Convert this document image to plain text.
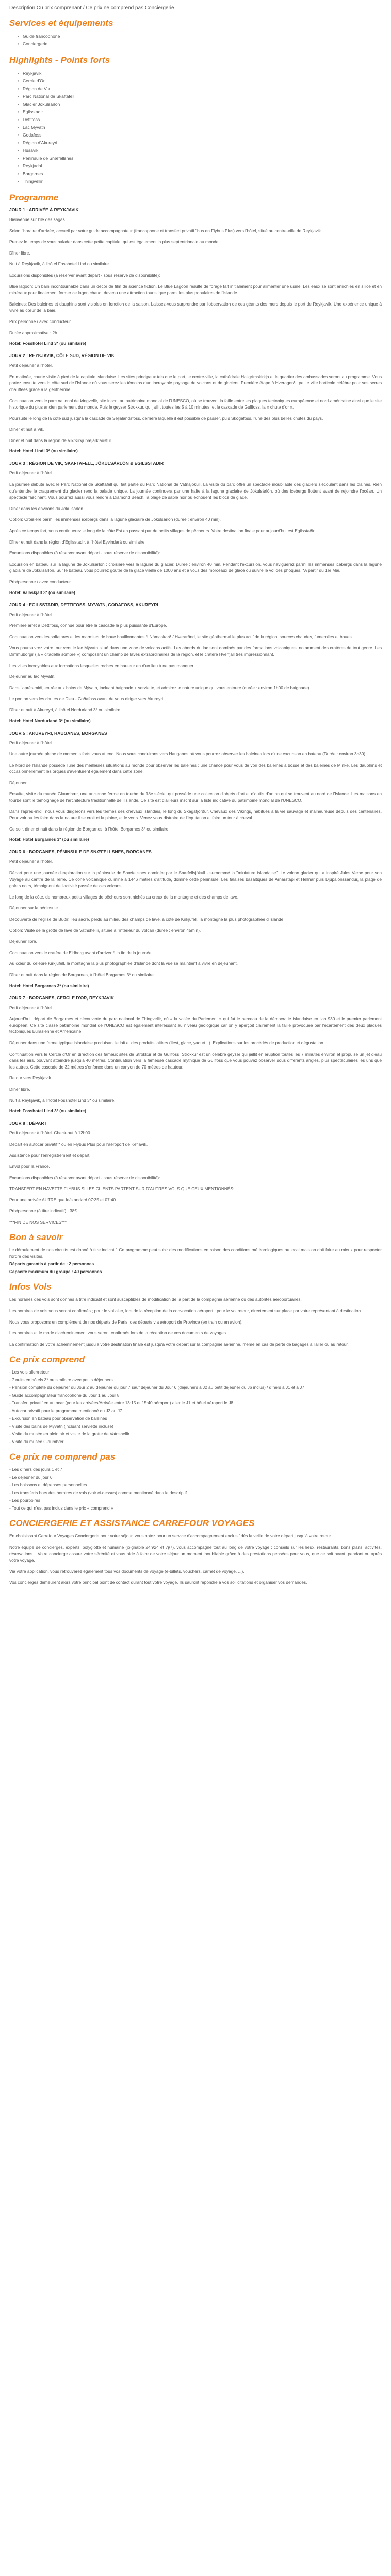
Description Cu prix comprenant / Ce prix ne comprend pas Conciergerie
Services et équipements
• Guide francophone
• Conciergerie
Highlights - Points forts
• Reykjavik
• Cercle d'Or
• Région de Vik
• Parc National de Skaftafell
• Glacier Jökulsárlón
• Egilsstadir
• Dettifoss
• Lac Myvatn
• Godafoss
• Région d'Akureyri
• Husavik
• Péninsule de Snæfellsnes
• Reykjadal
• Borgarnes
• Thingvellir
Programme
JOUR 1 : ARRIVÉE À REYKJAVIK

Bienvenue sur l'île des sagas.

Selon l'horaire d'arrivée, accueil par votre guide accompagnateur (francophone et transfert privatif "bus en Flybus Plus) vers l'hôtel, situé au centre-ville de Reykjavik.

Prenez le temps de vous balader dans cette petite capitale, qui est également la plus septentrionale au monde.

Dîner libre.

Nuit à Reykjavik, à l'hôtel Fosshotel Lind ou similaire.

Excursions disponibles (à réserver avant départ - sous réserve de disponibilité):

Blue lagoon: Un bain incontournable dans un décor de film de science fiction. Le Blue Lagoon résulte de forage fait initialement pour alimenter une usine. Les eaux se sont enrichies en silice et en minéraux pour finalement former ce lagon chaud, devenu une attraction touristique parmi les plus populaires de l'Islande.

Baleines: Des baleines et dauphins sont visibles en fonction de la saison. Laissez-vous surprendre par l'observation de ces géants des mers depuis le port de Reykjavik. Une expérience unique à vivre au cœur de la baie.

Prix personne / avec conducteur

Durée approximative : 2h

Hotel: Fosshotel Lind 3* (ou similaire)
JOUR 2 : REYKJAVIK, CÔTE SUD, RÉGION DE VIK

Petit déjeuner à l'hôtel.

En matinée, courte visite à pied de la capitale islandaise. Les sites principaux tels que le port, le centre-ville, la cathédrale Hallgrímskirkja et le quartier des ambassades seront au programme. Vous partez ensuite vers la côte sud de l'Islande où vous serez les témoins d'un incroyable paysage de volcans et de glaciers. Première étape à Hveragerði, petite ville horticole célèbre pour ses serres chauffées grâce à la géothermie.

Continuation vers le parc national de Þingvellir, site inscrit au patrimoine mondial de l'UNESCO, où se trouvent la faille entre les plaques tectoniques européenne et nord-américaine ainsi que le site historique du plus ancien parlement du monde. Puis le geyser Strokkur, qui jaillit toutes les 5 à 10 minutes, et la cascade de Gullfoss, la « chute d'or ».

Poursuite le long de la côte sud jusqu'à la cascade de Seljalandsfoss, derrière laquelle il est possible de passer, puis Skógafoss, l'une des plus belles chutes du pays.

Dîner et nuit à Vik.

Diner et nuit dans la région de Vik/Kirkjubæjarklaustur.

Hotel: Hotel Lindi 3* (ou similaire)
JOUR 3 : RÉGION DE VIK, SKAFTAFELL, JÖKULSÁRLÓN & EGILSSTADIR

Petit déjeuner à l'hôtel.

La journée débute avec le Parc National de Skaftafell qui fait partie du Parc National de Vatnajökull. La visite du parc offre un spectacle inoubliable des glaciers s'écoulant dans les plaines. Rien qu'entendre le craquement du glacier rend la balade unique. La journée continuera par une halte à la lagune glaciaire de Jökulsárlón, où des icebergs flottent avant de rejoindre l'océan. Un spectacle fascinant. Vous pourrez aussi vous rendre à Diamond Beach, la plage de sable noir où échouent les blocs de glace.

Dîner dans les environs du Jökulsárlón.

Option: Croisière parmi les immenses icebergs dans la lagune glaciaire de Jökulsárlón (durée : environ 40 min).

Après ce temps fort, vous continuerez le long de la côte Est en passant par de petits villages de pêcheurs. Votre destination finale pour aujourd'hui est Egilsstaðir.

Dîner et nuit dans la région d'Egilsstadir, à l'hôtel Eyvindará ou similaire.

Excursions disponibles (à réserver avant départ - sous réserve de disponibilité):

Excursion en bateau sur la lagune de Jökulsárlón : croisière vers la lagune du glacier. Durée : environ 40 min. Pendant l'excursion, vous naviguerez parmi les immenses icebergs dans la lagune glaciaire de Jökulsárlón. Sur le bateau, vous pourrez goûter de la glace vieille de 1000 ans et à vous des morceaux de glace ou suivre le vol des phoques. *A partir du 1er Mai.

Prix/personne / avec conducteur

Hotel: Valaskjálf 3* (ou similaire)
JOUR 4 : EGILSSTADIR, DETTIFOSS, MYVATN, GODAFOSS, AKUREYRI

Petit déjeuner à l'hôtel.

Première arrêt à Dettifoss, connue pour être la cascade la plus puissante d'Europe.

Continuation vers les solfatares et les marmites de boue bouillonnantes à Námaskarð / Hverarönd, le site géothermal le plus actif de la région, sources chaudes, fumerolles et boues...

Vous poursuivrez votre tour vers le lac Mývatn situé dans une zone de volcans actifs. Les abords du lac sont dominés par des formations volcaniques, notamment des cratères de tout genre. Les Dimmuborgir (la « citadelle sombre ») composent un champ de laves extraordinaires de la région, et le cratère Hverfjall très impressionnant.

Les villes incroyables aux formations lesquelles roches en hauteur en d'un lieu à ne pas manquer.

Déjeuner au lac Mývatn.

Dans l'après-midi, entrée aux bains de Mývatn, incluant baignade + serviette, et admirez le nature unique qui vous entoure (durée : environ 1h00 de baignade).

Le ponton vers les chutes de Dieu - Goðafoss avant de vous diriger vers Akureyri.

Dîner et nuit à Akureyri, à l'hôtel Nordurland 3* ou similaire.

Hotel: Hotel Nordurland 3* (ou similaire)
JOUR 5 : AKUREYRI, HAUGANES, BORGANES

Petit déjeuner à l'hôtel.

Une autre journée pleine de moments forts vous attend. Nous vous conduirons vers Hauganes où vous pourrez observer les baleines lors d'une excursion en bateau (Durée : environ 3h30).

Le Nord de l'Islande possède l'une des meilleures situations au monde pour observer les baleines : une chance pour vous de voir des baleines à bosse et des baleines de Minke. Les dauphins et occasionnellement les orques s'aventurent également dans cette zone.

Déjeuner.

Ensuite, visite du musée Glaumbær, une ancienne ferme en tourbe du 18e siècle, qui possède une collection d'objets d'art et d'outils d'antan qui se trouvent au nord de l'Islande. Les maisons en tourbe sont le témoignage de l'architecture traditionnelle de l'Islande. Ce site est d'ailleurs inscrit sur la liste indicative du patrimoine mondial de l'UNESCO.

Dans l'après-midi, nous vous dirigerons vers les termes des chevaux islandais, le long du Skagafjörður. Chevaux des Vikings, habitués à la vie sauvage et malheureuse depuis des centenaires. Pour voir ou les faire dans la nature il se croit et la plaine, et le verts. Venez vous distraire de l'équitation et faire un tour à cheval.

Ce soir, diner et nuit dans la région de Borgarnes, à l'hôtel Borgarnes 3* ou similaire.

Hotel: Hotel Borgarnes 3* (ou similaire)
JOUR 6 : BORGANES, PÉNINSULE DE SNÆFELLSNES, BORGANES

Petit déjeuner à l'hôtel.

Départ pour une journée d'exploration sur la péninsule de Snæfellsnes dominée par le Snæfellsjökull - surnommé la "miniature islandaise". Le volcan glacier qui a inspiré Jules Verne pour son Voyage au centre de la Terre. Ce cône volcanique culmine à 1446 mètres d'altitude, domine cette péninsule. Les falaises basaltiques de Arnarstapi et Hellnar puis Djúpalónssandur, la plage de galets noirs, témoignent de l'activité passée de ces volcans.

Le long de la côte, de nombreux petits villages de pêcheurs sont nichés au creux de la montagne et des champs de lave.

Déjeuner sur la péninsule.

Découverte de l'église de Búðir, lieu sacré, perdu au milieu des champs de lave, à côté de Kirkjufell, la montagne la plus photographiée d'Islande.

Option: Visite de la grotte de lave de Vatnshellir, située à l'intérieur du volcan (durée : environ 45min).

Déjeuner libre.

Continuation vers le cratère de Eldborg avant d'arriver à la fin de la journée.

Au cœur du célèbre Kirkjufell, la montagne la plus photographiée d'Islande dont la vue se maintient à vivre en déjeunant.

Dîner et nuit dans la région de Borgarnes, à l'hôtel Borgarnes 3* ou similaire.

Hotel: Hotel Borgarnes 3* (ou similaire)
JOUR 7 : BORGANES, CERCLE D'OR, REYKJAVIK

Petit déjeuner à l'hôtel.

Aujourd'hui, départ de Borgarnes et découverte du parc national de Thingvellir, où « la vallée du Parlement » qui fut le berceau de la démocratie islandaise en l'an 930 et le premier parlement européen. Ce site classé patrimoine mondial de l'UNESCO est également intéressant au niveau géologique car on y aperçoit clairement la faille provoquée par l'écartement des deux plaques tectoniques Eurasienne et Américaine.

Déjeuner dans une ferme typique islandaise produisant le lait et des produits laitiers (Ilest, glace, yaourt...). Explications sur les procédés de production et dégustation.

Continuation vers le Cercle d'Or en direction des fameux sites de Strokkur et de Gullfoss. Strokkur est un célèbre geyser qui jaillit en éruption toutes les 7 minutes environ et propulse un jet d'eau dans les airs, pouvant atteindre jusqu'à 40 mètres. Continuation vers la fameuse cascade mythique de Gullfoss que vous pouvez observer sous différents angles, plus spectaculaires les uns que les autres. Cette cascade de 32 mètres s'enfonce dans un canyon de 70 mètres de hauteur.

Retour vers Reykjavik.

Dîner libre.

Nuit à Reykjavik, à l'hôtel Fosshotel Lind 3* ou similaire.

Hotel: Fosshotel Lind 3* (ou similaire)
JOUR 8 : DÉPART

Petit déjeuner à l'hôtel. Check-out à 12h00.

Départ en autocar privatif * ou en Flybus Plus pour l'aéroport de Keflavík.

Assistance pour l'enregistrement et départ.

Envol pour la France.

Excursions disponibles (à réserver avant départ - sous réserve de disponibilité):

TRANSFERT EN NAVETTE FLYBUS SI LES CLIENTS PARTENT SUR D'AUTRES VOLS QUE CEUX MENTIONNÉS:

Pour une arrivée AUTRE que le/standard 07:35 et 07:40

Prix/personne (à titre indicatif) : 38€

***FIN DE NOS SERVICES***

Bon à savoir

Le déroulement de nos circuits est donné à titre indicatif. Ce programme peut subir des modifications en raison des conditions météorologiques ou local mais on doit faire au mieux pour respecter l'ordre des visites.

Départs garantis à partir de : 2 personnes

Capacité maximum du groupe : 40 personnes

Infos Vols

Les horaires des vols sont donnés à titre indicatif et sont susceptibles de modification de la part de la compagnie aérienne ou des autorités aéroportuaires.

Les horaires de vols vous seront confirmés ; pour le vol aller, lors de la réception de la convocation aéroport ; pour le vol retour, directement sur place par votre représentant à destination.

Nous vous proposons en complément de nos départs de Paris, des départs via aéroport de Province (en train ou en avion).

Les horaires et le mode d'acheminement vous seront confirmés lors de la réception de vos documents de voyages.

La confirmation de votre acheminement jusqu'à votre destination finale est jusqu'à votre départ sur la compagnie aérienne, même en cas de perte de bagages à l'aller ou au retour.

Ce prix comprend

- Les vols aller/retour

- 7 nuits en hôtels 3* ou similaire avec petits déjeuners

- Pension complète du déjeuner du Jour 2 au déjeuner du jour 7 sauf déjeuner du Jour 6 (déjeuners à J2 au petit déjeuner du J6 inclus) / dîners à J1 et à J7

- Guide accompagnateur francophone du Jour 1 au Jour 8

- Transfert privatif en autocar (pour les arrivées/Arrivée entre 13:15 et 15:40 aéroport) aller le J1 et hôtel aéroport le J8

- Autocar privatif pour le programme mentionné du J2 au J7

- Excursion en bateau pour observation de baleines

- Visite des bains de Myvatn (incluant serviette incluse)

- Visite du musée en plein air et visite de la grotte de Vatnshellir

- Visite du musée Glaumbær

Ce prix ne comprend pas

- Les dîners des jours 1 et 7

- Le déjeuner du jour 6

- Les boissons et dépenses personnelles

- Les transferts hors des horaires de vols (voir ci-dessus) comme mentionné dans le descriptif

- Les pourboires

- Tout ce qui n'est pas inclus dans le prix « comprend »

CONCIERGERIE ET ASSISTANCE CARREFOUR VOYAGES

En choisissant Carrefour Voyages Conciergerie pour votre séjour, vous optez pour un service d'accompagnement exclusif dès la veille de votre départ jusqu'à votre retour.

Notre équipe de concierges, experts, polyglotte et humaine (joignable 24h/24 et 7j/7), vous accompagne tout au long de votre voyage : conseils sur les lieux, restaurants, bons plans, activités, réservations... Votre concierge assure votre sérénité et vous aide à faire de votre séjour un moment inoubliable grâce à des prestations pensées pour vous, que ce soit avant, pendant ou après votre voyage.

Via votre application, vous retrouverez également tous vos documents de voyage (e-billets, vouchers, carnet de voyage, ...).

Vos concierges demeurent alors votre principal point de contact durant tout votre voyage. Ils sauront répondre à vos sollicitations et organiser vos demandes.
